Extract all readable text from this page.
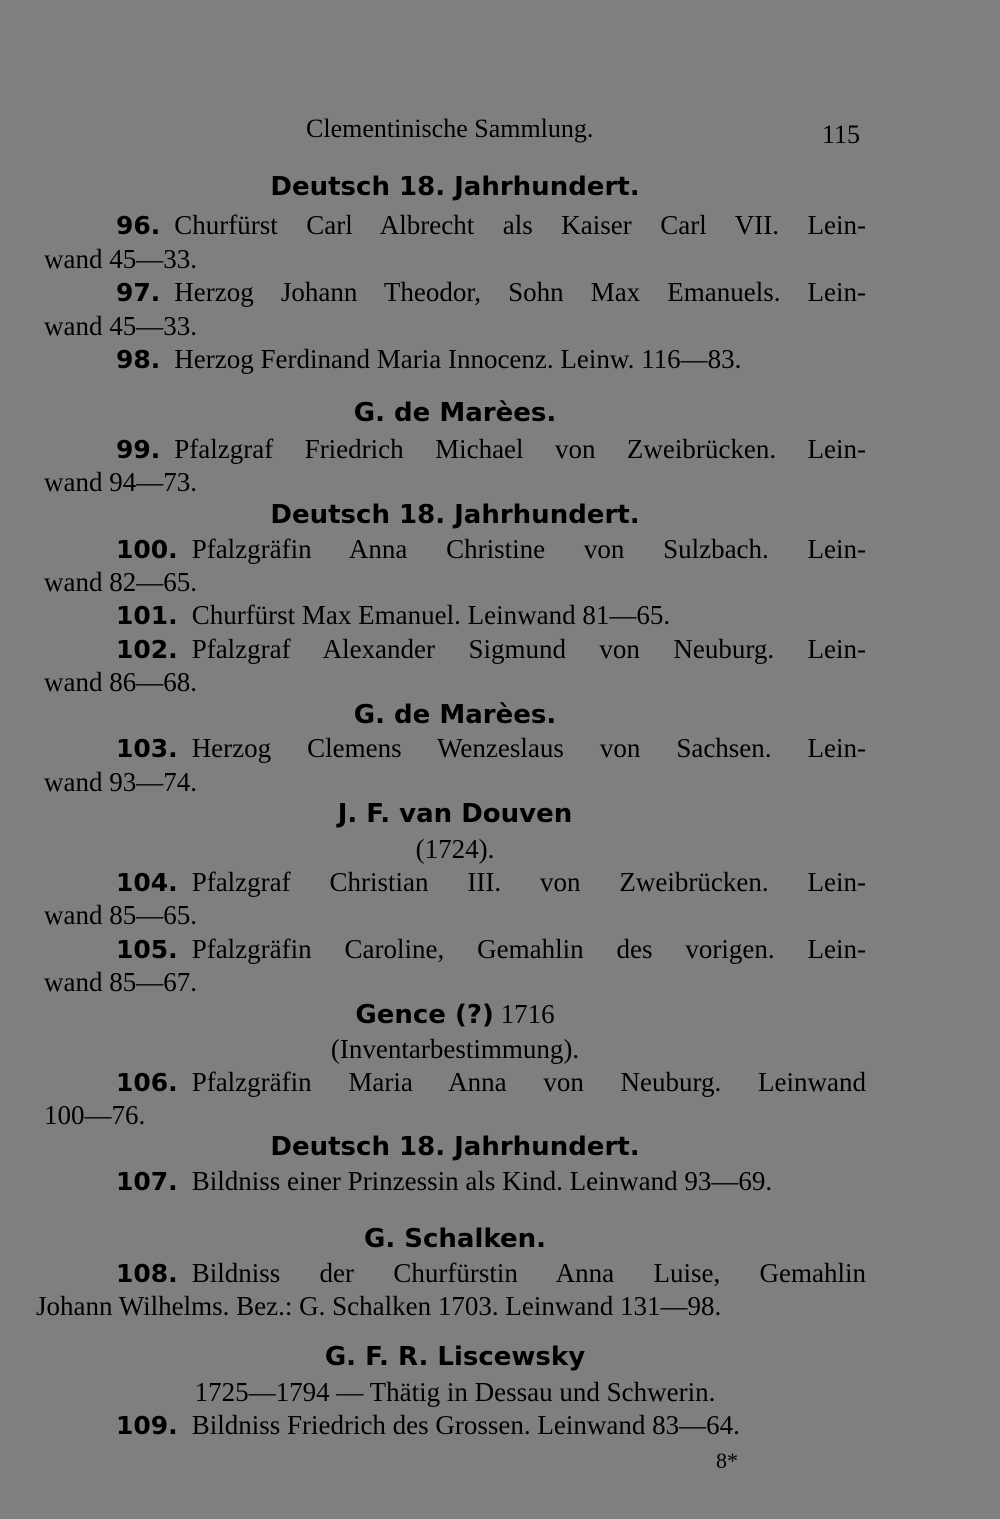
Clementinische Sammlung.	115
Deutsch 18. Jahrhundert.
96. Churfürst Carl Albrecht als Kaiser Carl VII. Lein-
wand 45—33.
97. Herzog Johann Theodor, Sohn Max Emanuels. Lein-
wand 45—33.
98. Herzog Ferdinand Maria Innocenz. Leinw. 116—83.
G. de Marèes.
99. Pfalzgraf Friedrich Michael von Zweibrücken. Lein-
wand 94—73.
Deutsch 18. Jahrhundert.
100. Pfalzgräfin Anna Christine von Sulzbach. Lein-
wand 82—65.
101. Churfürst Max Emanuel. Leinwand 81—65.
102. Pfalzgraf Alexander Sigmund von Neuburg. Lein-
wand 86—68.
G. de Marèes.
103. Herzog Clemens Wenzeslaus von Sachsen. Lein-
wand 93—74.
J. F. van Douven
(1724).
104. Pfalzgraf Christian III. von Zweibrücken. Lein-
wand 85—65.
105. Pfalzgräfin Caroline, Gemahlin des vorigen. Lein-
wand 85—67.
Gence (?) 1716
(Inventarbestimmung).
106. Pfalzgräfin Maria Anna von Neuburg. Leinwand
100—76.
Deutsch 18. Jahrhundert.
107. Bildniss einer Prinzessin als Kind. Leinwand 93—69.
G. Schalken.
108. Bildniss der Churfürstin Anna Luise, Gemahlin
Johann Wilhelms. Bez.: G. Schalken 1703. Leinwand 131—98.
G. F. R. Liscewsky
1725—1794 — Thätig in Dessau und Schwerin.
109. Bildniss Friedrich des Grossen. Leinwand 83—64.
8*
